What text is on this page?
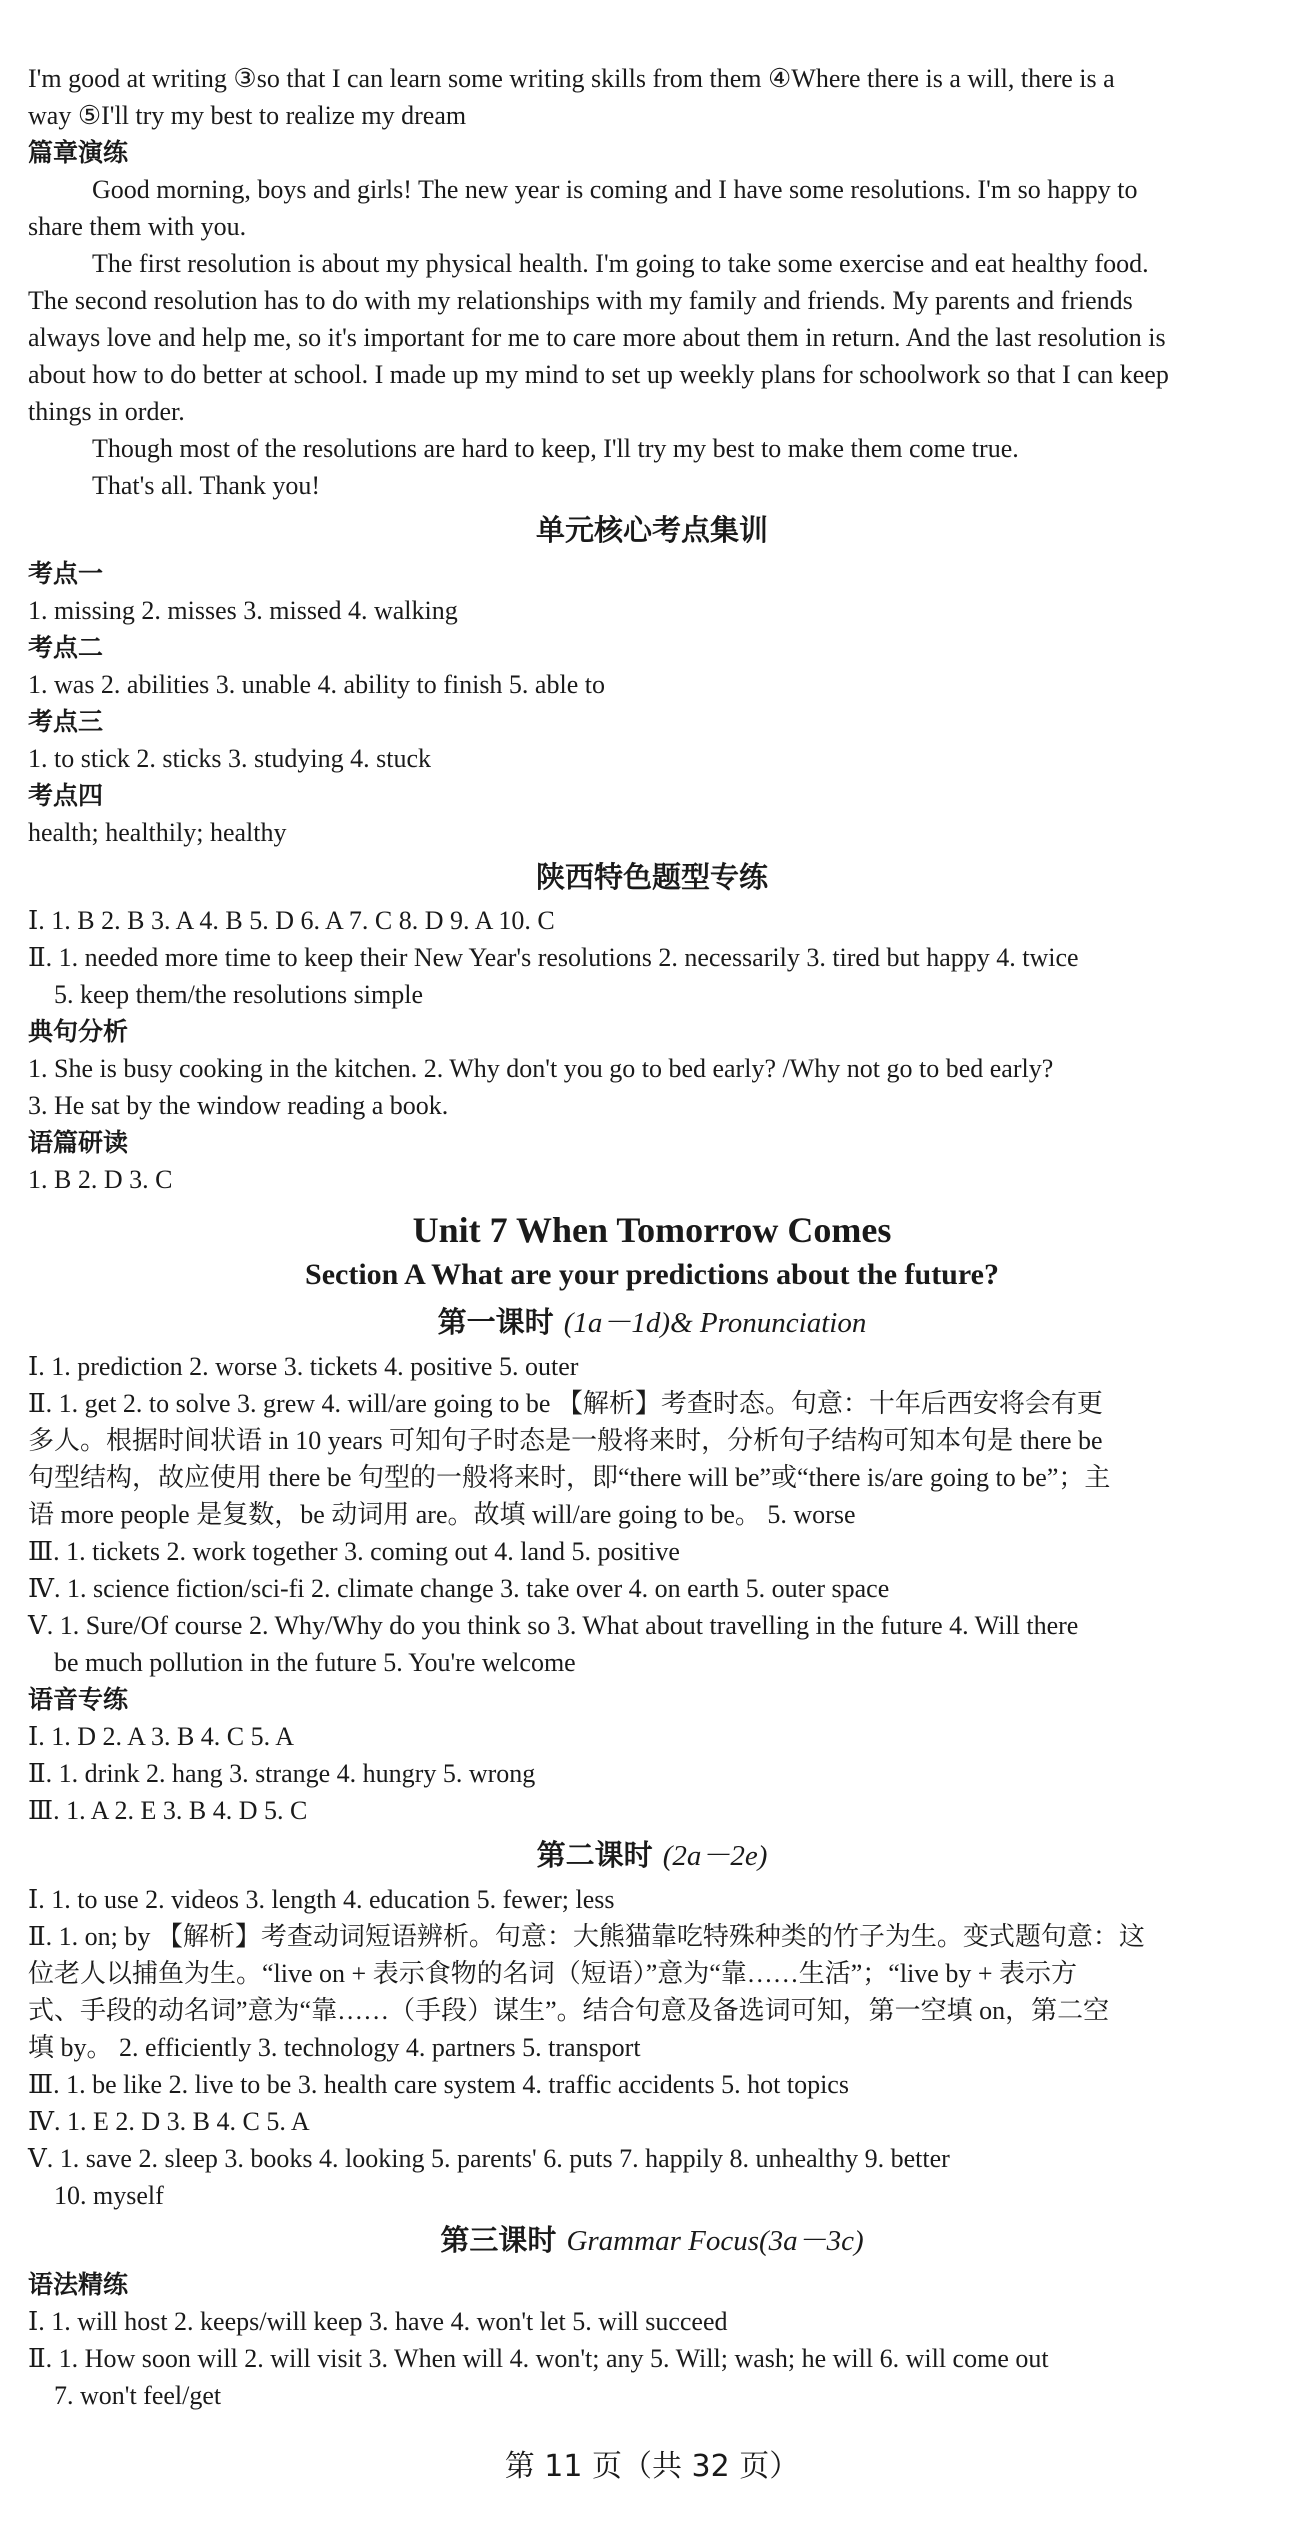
I'm good at writing ③so that I can learn some writing skills from them ④Where there is a will, there is a
way ⑤I'll try my best to realize my dream
篇章演练
Good morning, boys and girls! The new year is coming and I have some resolutions. I'm so happy to
share them with you.
The first resolution is about my physical health. I'm going to take some exercise and eat healthy food.
The second resolution has to do with my relationships with my family and friends. My parents and friends
always love and help me, so it's important for me to care more about them in return. And the last resolution is
about how to do better at school. I made up my mind to set up weekly plans for schoolwork so that I can keep
things in order.
Though most of the resolutions are hard to keep, I'll try my best to make them come true.
That's all. Thank you!
单元核心考点集训
考点一
1. missing 2. misses 3. missed 4. walking
考点二
1. was 2. abilities 3. unable 4. ability to finish 5. able to
考点三
1. to stick 2. sticks 3. studying 4. stuck
考点四
health; healthily; healthy
陕西特色题型专练
Ⅰ. 1. B 2. B 3. A 4. B 5. D 6. A 7. C 8. D 9. A 10. C
Ⅱ. 1. needed more time to keep their New Year's resolutions 2. necessarily 3. tired but happy 4. twice
5. keep them/the resolutions simple
典句分析
1. She is busy cooking in the kitchen. 2. Why don't you go to bed early? /Why not go to bed early?
3. He sat by the window reading a book.
语篇研读
1. B 2. D 3. C
Unit 7 When Tomorrow Comes
Section A What are your predictions about the future?
第一课时 (1a－1d)& Pronunciation
Ⅰ. 1. prediction 2. worse 3. tickets 4. positive 5. outer
Ⅱ. 1. get 2. to solve 3. grew 4. will/are going to be 【解析】考查时态。句意：十年后西安将会有更
多人。根据时间状语 in 10 years 可知句子时态是一般将来时，分析句子结构可知本句是 there be
句型结构，故应使用 there be 句型的一般将来时，即“there will be”或“there is/are going to be”；主
语 more people 是复数，be 动词用 are。故填 will/are going to be。 5. worse
Ⅲ. 1. tickets 2. work together 3. coming out 4. land 5. positive
Ⅳ. 1. science fiction/sci-fi 2. climate change 3. take over 4. on earth 5. outer space
Ⅴ. 1. Sure/Of course 2. Why/Why do you think so 3. What about travelling in the future 4. Will there
be much pollution in the future 5. You're welcome
语音专练
Ⅰ. 1. D 2. A 3. B 4. C 5. A
Ⅱ. 1. drink 2. hang 3. strange 4. hungry 5. wrong
Ⅲ. 1. A 2. E 3. B 4. D 5. C
第二课时 (2a－2e)
Ⅰ. 1. to use 2. videos 3. length 4. education 5. fewer; less
Ⅱ. 1. on; by 【解析】考查动词短语辨析。句意：大熊猫靠吃特殊种类的竹子为生。变式题句意：这
位老人以捕鱼为生。“live on + 表示食物的名词（短语）”意为“靠……生活”；“live by + 表示方
式、手段的动名词”意为“靠……（手段）谋生”。结合句意及备选词可知，第一空填 on，第二空
填 by。 2. efficiently 3. technology 4. partners 5. transport
Ⅲ. 1. be like 2. live to be 3. health care system 4. traffic accidents 5. hot topics
Ⅳ. 1. E 2. D 3. B 4. C 5. A
Ⅴ. 1. save 2. sleep 3. books 4. looking 5. parents' 6. puts 7. happily 8. unhealthy 9. better
10. myself
第三课时 Grammar Focus(3a－3c)
语法精练
Ⅰ. 1. will host 2. keeps/will keep 3. have 4. won't let 5. will succeed
Ⅱ. 1. How soon will 2. will visit 3. When will 4. won't; any 5. Will; wash; he will 6. will come out
7. won't feel/get
第 11 页（共 32 页）
